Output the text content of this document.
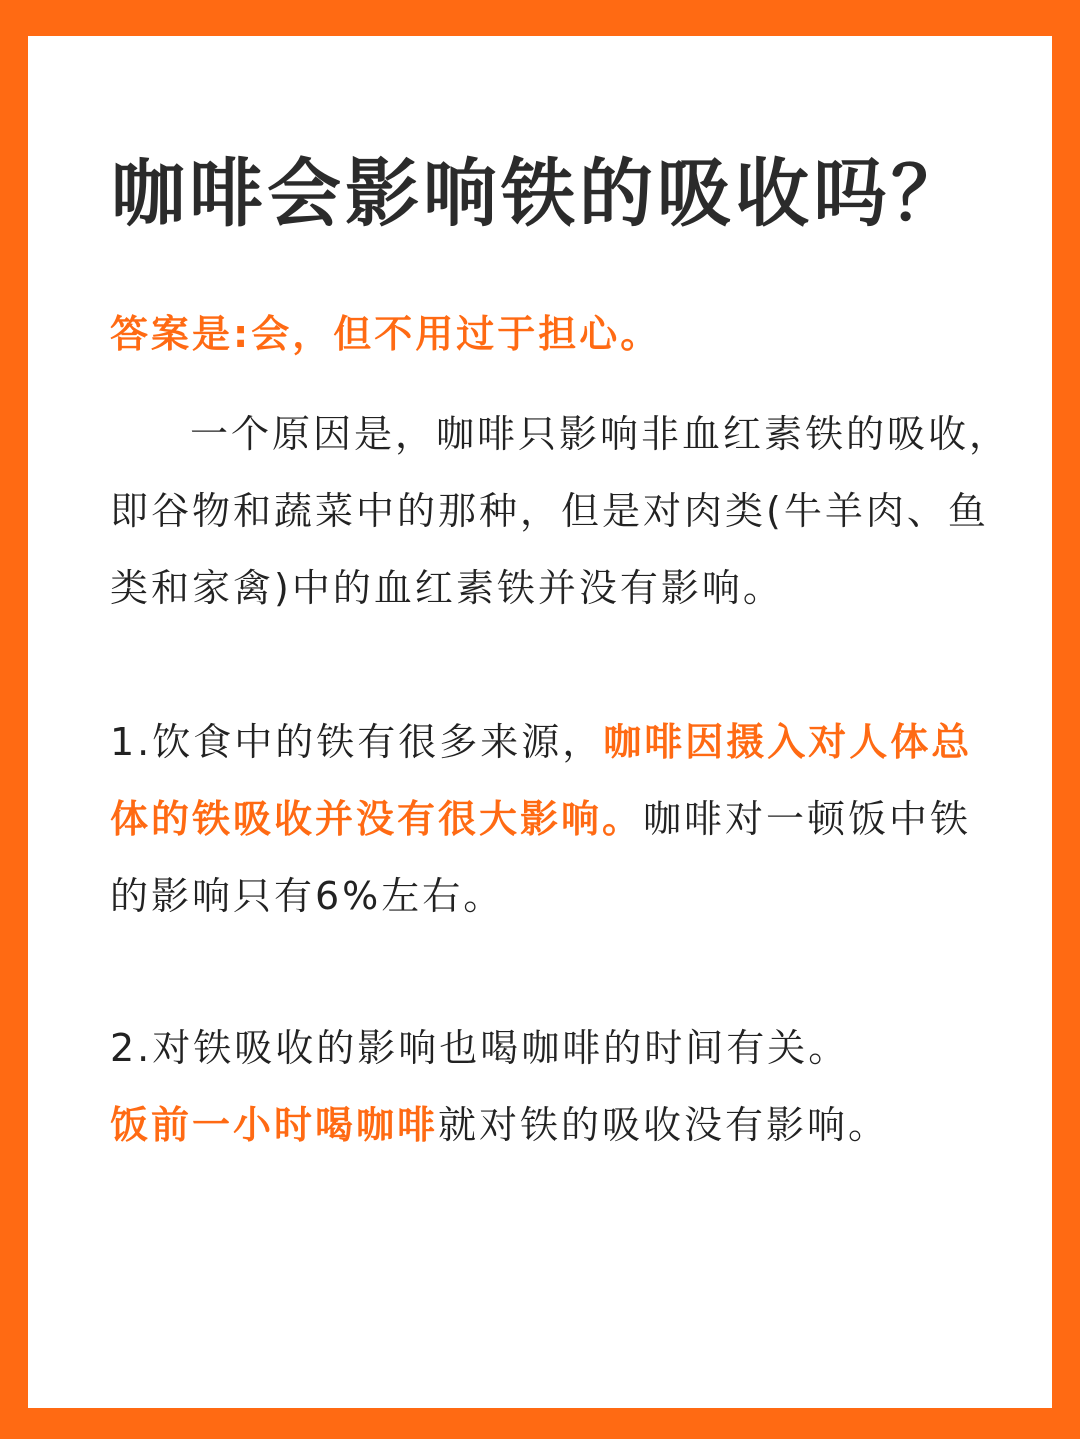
咖啡会影响铁的吸收吗？

答案是:会，但不用过于担心。

一个原因是，咖啡只影响非血红素铁的吸收，即谷物和蔬菜中的那种，但是对肉类(牛羊肉、鱼类和家禽)中的血红素铁并没有影响。

1.饮食中的铁有很多来源，咖啡因摄入对人体总体的铁吸收并没有很大影响。咖啡对一顿饭中铁的影响只有6%左右。

2.对铁吸收的影响也喝咖啡的时间有关。
饭前一小时喝咖啡就对铁的吸收没有影响。
